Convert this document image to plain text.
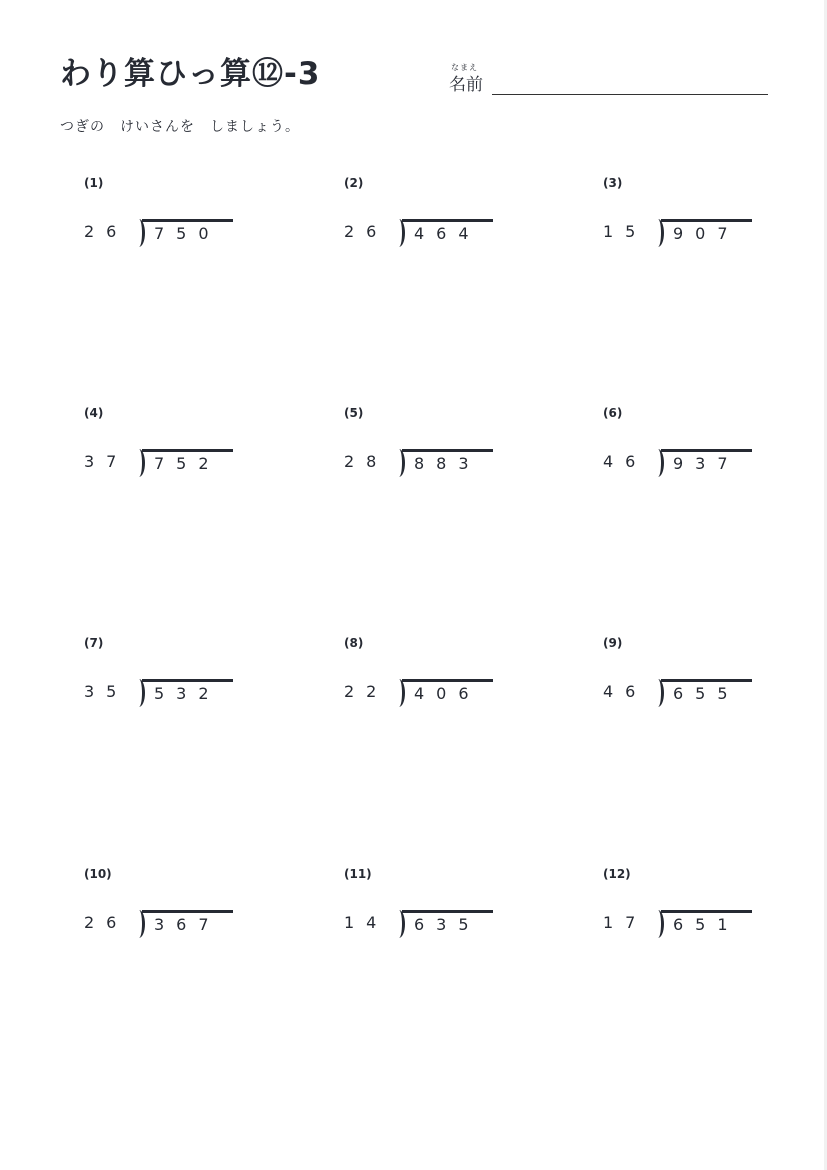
わり算ひっ算⑫-3	なまえ
名前
つぎの　けいさんを　しましょう。
(1)
26 750
(2)
26 464
(3)
15 907
(4)
37 752
(5)
28 883
(6)
46 937
(7)
35 532
(8)
22 406
(9)
46 655
(10)
26 367
(11)
14 635
(12)
17 651
